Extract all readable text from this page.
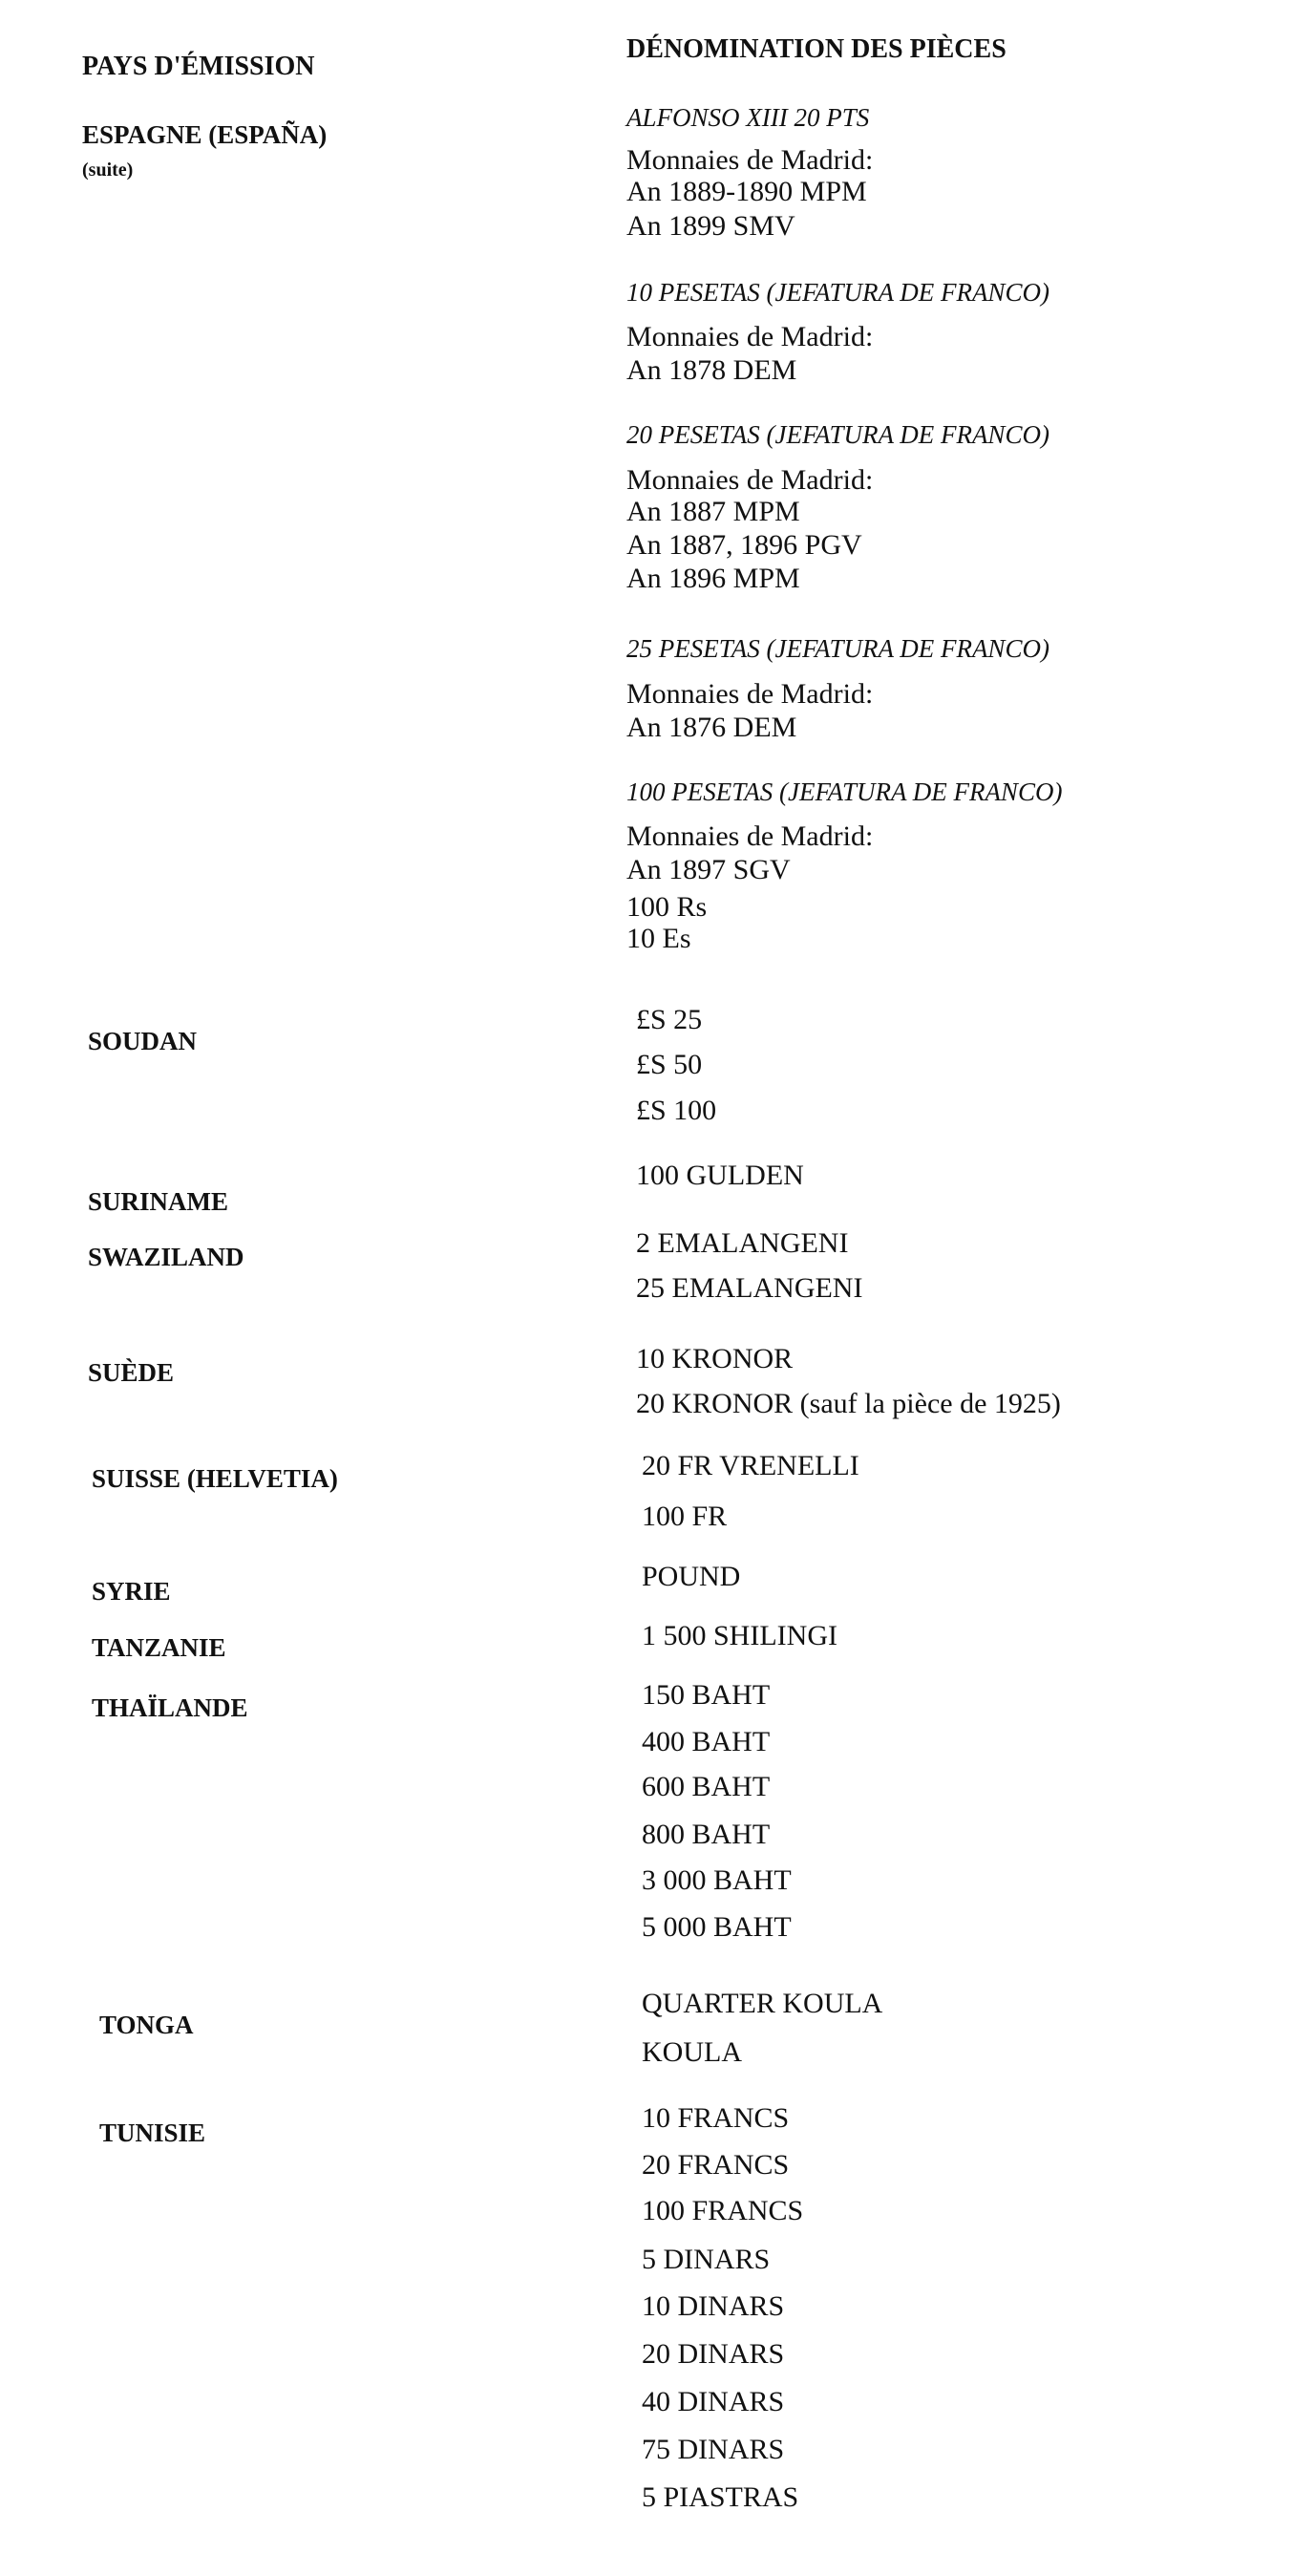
PAYS D'ÉMISSION
DÉNOMINATION DES PIÈCES
ESPAGNE (ESPAÑA)
(suite)
SOUDAN
SURINAME
SWAZILAND
SUÈDE
SUISSE (HELVETIA)
SYRIE
TANZANIE
THAÏLANDE
TONGA
TUNISIE
ALFONSO XIII 20 PTS
Monnaies de Madrid:
An 1889-1890 MPM
An 1899 SMV
10 PESETAS (JEFATURA DE FRANCO)
Monnaies de Madrid:
An 1878 DEM
20 PESETAS (JEFATURA DE FRANCO)
Monnaies de Madrid:
An 1887 MPM
An 1887, 1896 PGV
An 1896 MPM
25 PESETAS (JEFATURA DE FRANCO)
Monnaies de Madrid:
An 1876 DEM
100 PESETAS (JEFATURA DE FRANCO)
Monnaies de Madrid:
An 1897 SGV
100 Rs
10 Es
£S 25
£S 50
£S 100
100 GULDEN
2 EMALANGENI
25 EMALANGENI
10 KRONOR
20 KRONOR (sauf la pièce de 1925)
20 FR VRENELLI
100 FR
POUND
1 500 SHILINGI
150 BAHT
400 BAHT
600 BAHT
800 BAHT
3 000 BAHT
5 000 BAHT
QUARTER KOULA
KOULA
10 FRANCS
20 FRANCS
100 FRANCS
5 DINARS
10 DINARS
20 DINARS
40 DINARS
75 DINARS
5 PIASTRAS
